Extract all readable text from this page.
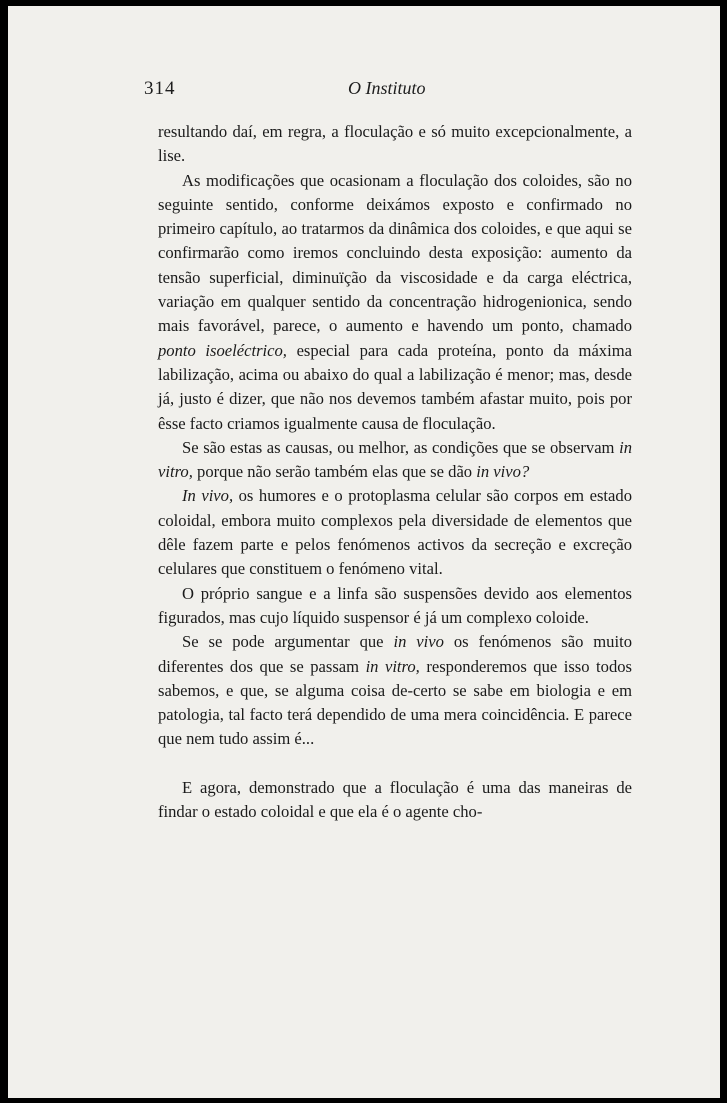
314	O Instituto

resultando daí, em regra, a floculação e só muito excepcionalmente, a lise.

As modificações que ocasionam a floculação dos coloides, são no seguinte sentido, conforme deixámos exposto e confirmado no primeiro capítulo, ao tratarmos da dinâmica dos coloides, e que aqui se confirmarão como iremos concluindo desta exposição: aumento da tensão superficial, diminuïção da viscosidade e da carga eléctrica, variação em qualquer sentido da concentração hidrogenionica, sendo mais favorável, parece, o aumento e havendo um ponto, chamado ponto isoeléctrico, especial para cada proteína, ponto da máxima labilização, acima ou abaixo do qual a labilização é menor; mas, desde já, justo é dizer, que não nos devemos também afastar muito, pois por êsse facto criamos igualmente causa de floculação.

Se são estas as causas, ou melhor, as condições que se observam in vitro, porque não serão também elas que se dão in vivo?

In vivo, os humores e o protoplasma celular são corpos em estado coloidal, embora muito complexos pela diversidade de elementos que dêle fazem parte e pelos fenómenos activos da secreção e excreção celulares que constituem o fenómeno vital.

O próprio sangue e a linfa são suspensões devido aos elementos figurados, mas cujo líquido suspensor é já um complexo coloide.

Se se pode argumentar que in vivo os fenómenos são muito diferentes dos que se passam in vitro, responderemos que isso todos sabemos, e que, se alguma coisa de-certo se sabe em biologia e em patologia, tal facto terá dependido de uma mera coincidência. E parece que nem tudo assim é...

E agora, demonstrado que a floculação é uma das maneiras de findar o estado coloidal e que ela é o agente cho-
